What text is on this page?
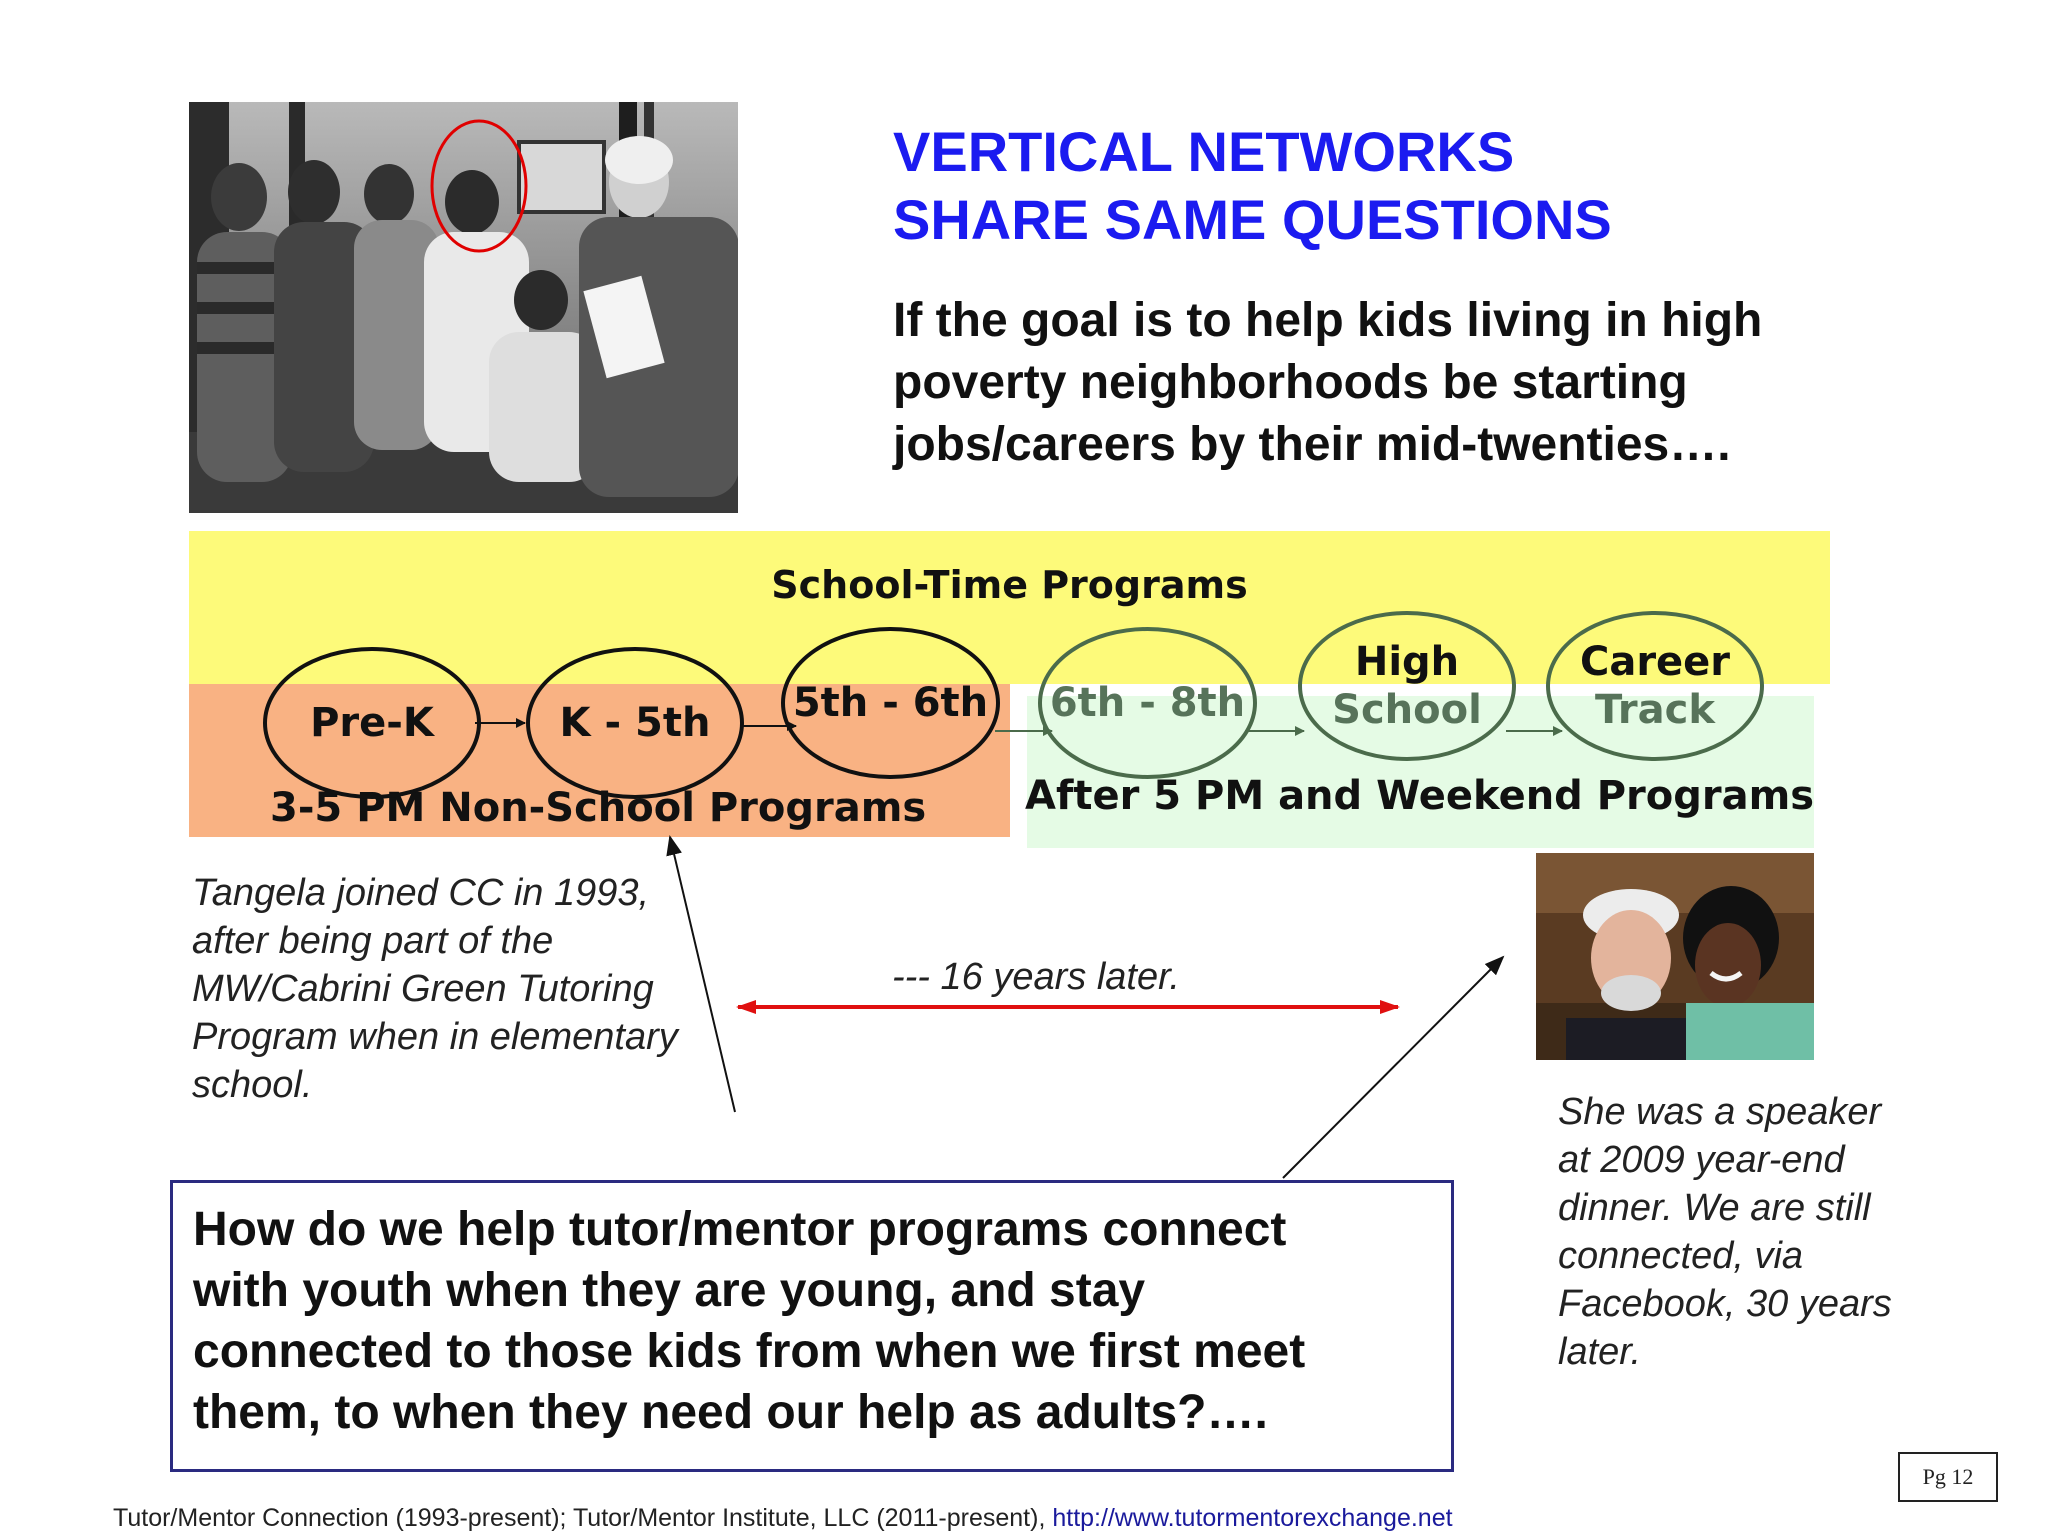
VERTICAL NETWORKS
SHARE SAME QUESTIONS
If the goal is to help kids living in high
poverty neighborhoods be starting
jobs/careers by their mid-twenties….
School-Time Programs
3-5 PM Non-School Programs After 5 PM and Weekend Programs
Pre-K	K - 5th 5th - 6th 6th - 8th
High
School
Career
Track
Tangela joined CC in 1993,
after being part of the
MW/Cabrini Green Tutoring
Program when in elementary
school.
--- 16 years later.
She was a speaker
at 2009 year-end
dinner. We are still
connected, via
Facebook, 30 years
later.
How do we help tutor/mentor programs connect
with youth when they are young, and stay
connected to those kids from when we first meet
them, to when they need our help as adults?….
Pg 12
Tutor/Mentor Connection (1993-present); Tutor/Mentor Institute, LLC (2011-present), http://www.tutormentorexchange.net
